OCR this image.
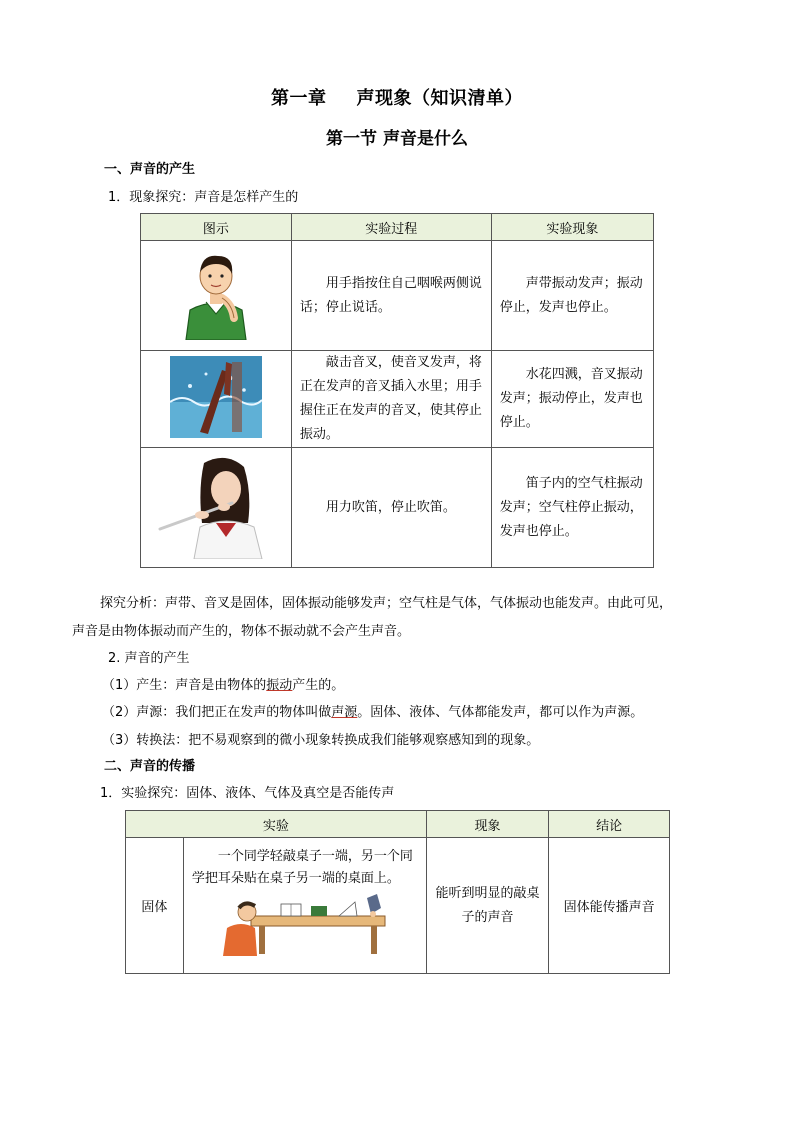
第一章 声现象（知识清单）
第一节 声音是什么
一、声音的产生
1．现象探究：声音是怎样产生的
图示	实验过程	实验现象
	用手指按住自己咽喉两侧说话；停止说话。	声带振动发声；振动停止，发声也停止。
	敲击音叉，使音叉发声，将正在发声的音叉插入水里；用手握住正在发声的音叉，使其停止振动。	水花四溅，音叉振动发声；振动停止，发声也停止。
	用力吹笛，停止吹笛。	笛子内的空气柱振动发声；空气柱停止振动，发声也停止。
探究分析：声带、音叉是固体，固体振动能够发声；空气柱是气体，气体振动也能发声。由此可见，
声音是由物体振动而产生的，物体不振动就不会产生声音。
2. 声音的产生
（1）产生：声音是由物体的振动产生的。
（2）声源：我们把正在发声的物体叫做声源。固体、液体、气体都能发声，都可以作为声源。
（3）转换法：把不易观察到的微小现象转换成我们能够观察感知到的现象。
二、声音的传播
1．实验探究：固体、液体、气体及真空是否能传声
实验		现象	结论
固体	一个同学轻敲桌子一端，另一个同学把耳朵贴在桌子另一端的桌面上。	能听到明显的敲桌子的声音	固体能传播声音
